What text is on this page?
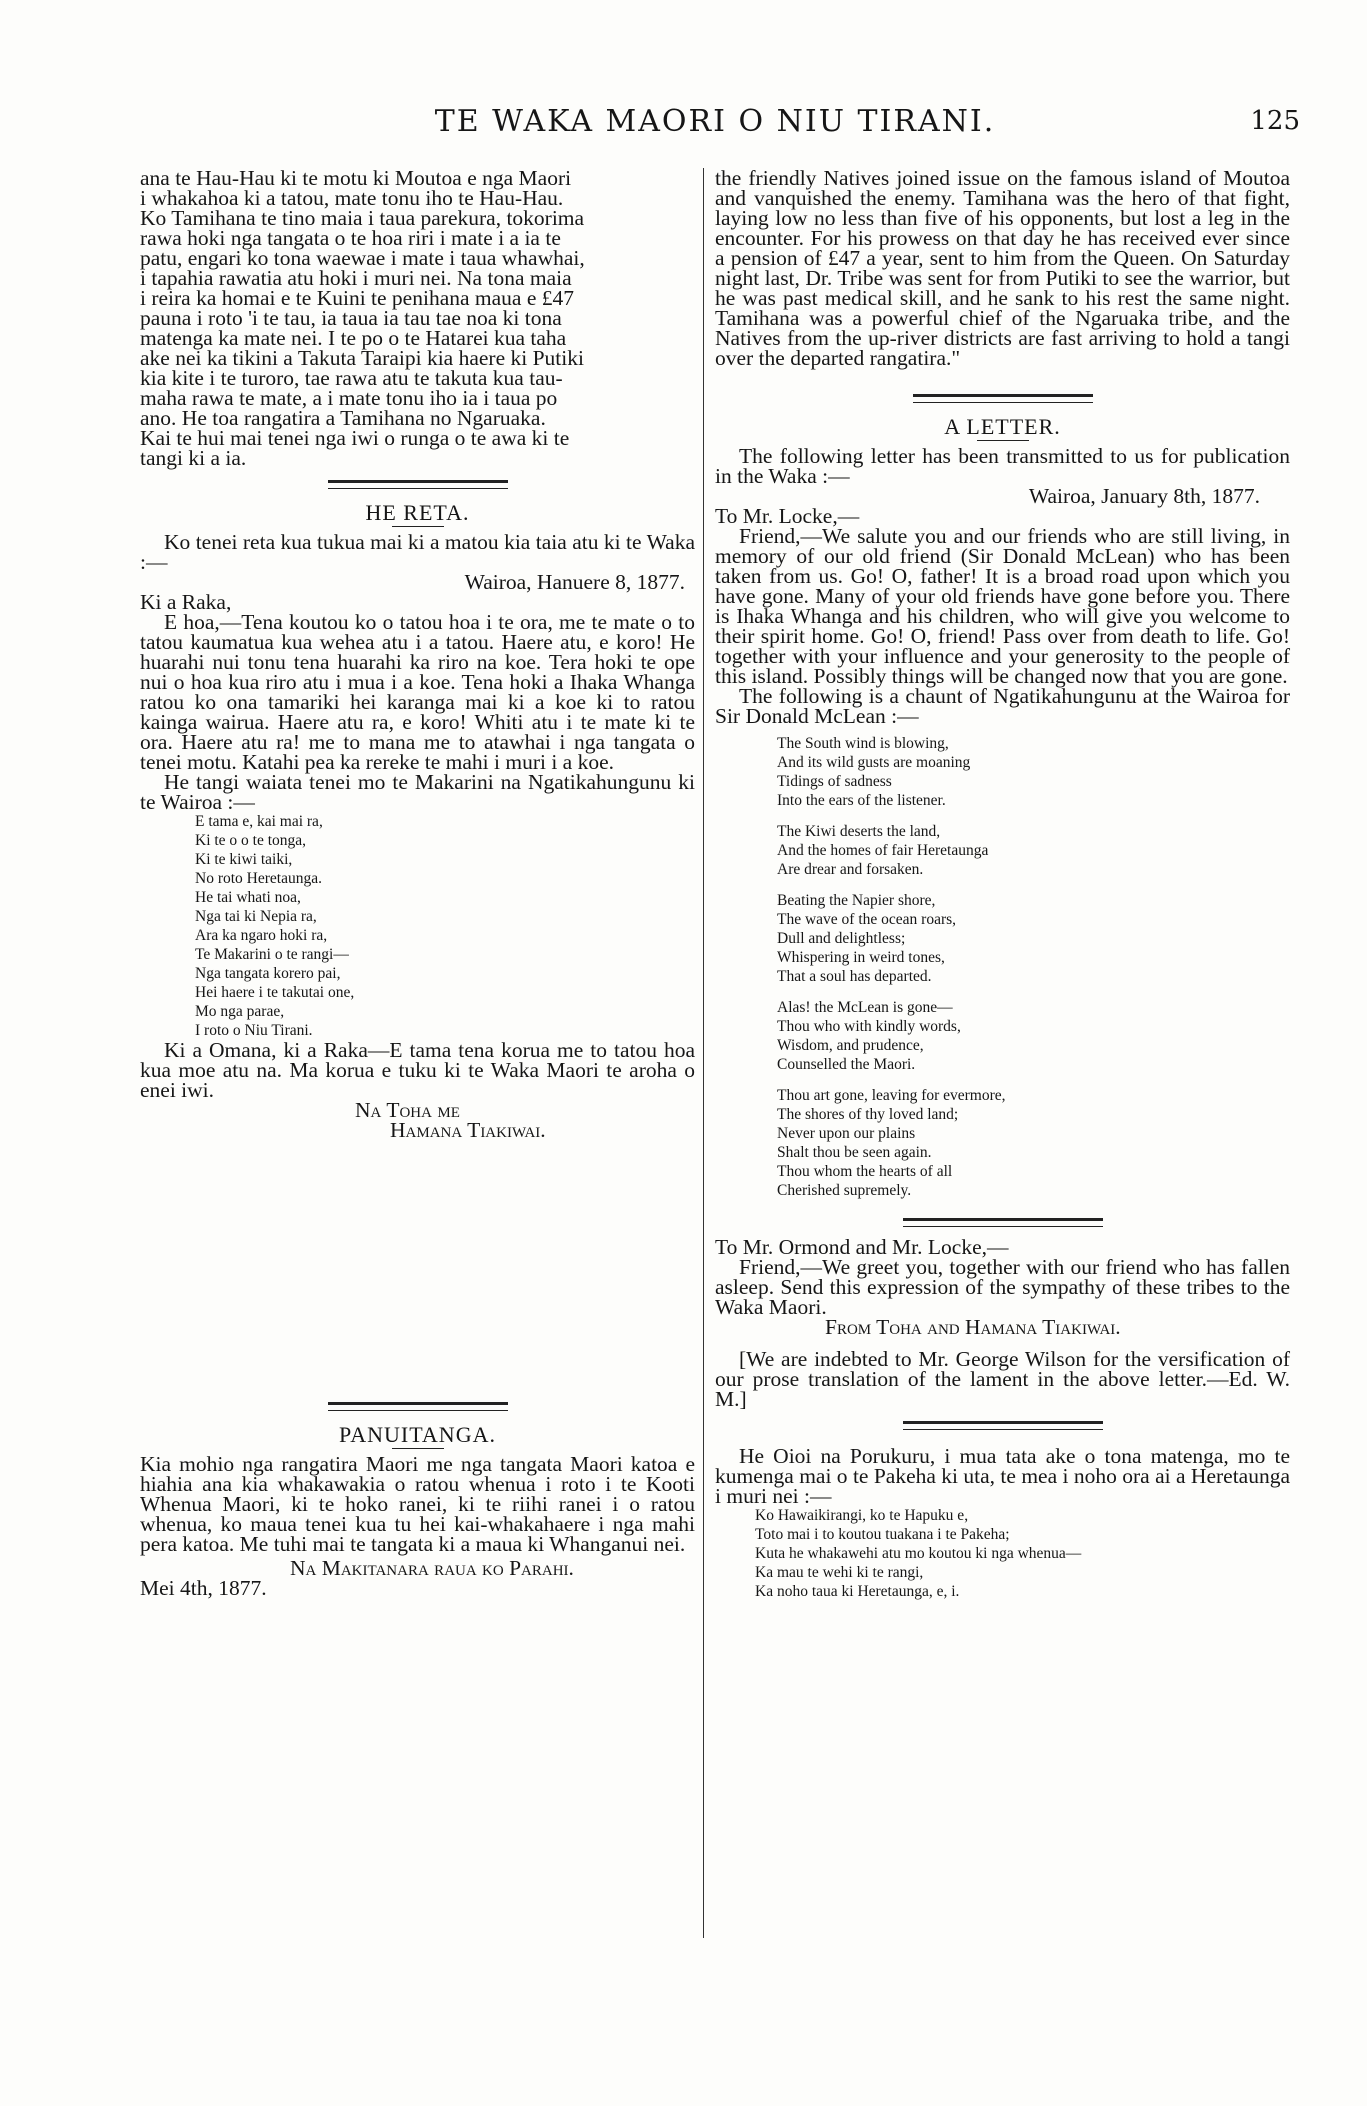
TE WAKA MAORI O NIU TIRANI.	125
ana te Hau-Hau ki te motu ki Moutoa e nga Maori
i whakahoa ki a tatou, mate tonu iho te Hau-Hau.
Ko Tamihana te tino maia i taua parekura, tokorima
rawa hoki nga tangata o te hoa riri i mate i a ia te
patu, engari ko tona waewae i mate i taua whawhai,
i tapahia rawatia atu hoki i muri nei. Na tona maia
i reira ka homai e te Kuini te penihana maua e £47
pauna i roto 'i te tau, ia taua ia tau tae noa ki tona
matenga ka mate nei. I te po o te Hatarei kua taha
ake nei ka tikini a Takuta Taraipi kia haere ki Putiki
kia kite i te turoro, tae rawa atu te takuta kua tau-
maha rawa te mate, a i mate tonu iho ia i taua po
ano. He toa rangatira a Tamihana no Ngaruaka.
Kai te hui mai tenei nga iwi o runga o te awa ki te
tangi ki a ia.
HE RETA.

Ko tenei reta kua tukua mai ki a matou kia taia atu ki te Waka :—

Wairoa, Hanuere 8, 1877.

Ki a Raka,

E hoa,—Tena koutou ko o tatou hoa i te ora, me te mate o to tatou kaumatua kua wehea atu i a tatou. Haere atu, e koro! He huarahi nui tonu tena huarahi ka riro na koe. Tera hoki te ope nui o hoa kua riro atu i mua i a koe. Tena hoki a Ihaka Whanga ratou ko ona tamariki hei karanga mai ki a koe ki to ratou kainga wairua. Haere atu ra, e koro! Whiti atu i te mate ki te ora. Haere atu ra! me to mana me to atawhai i nga tangata o tenei motu. Katahi pea ka rereke te mahi i muri i a koe.

He tangi waiata tenei mo te Makarini na Ngatikahungunu ki te Wairoa :—

E tama e, kai mai ra,
Ki te o o te tonga,
Ki te kiwi taiki,
No roto Heretaunga.
He tai whati noa,
Nga tai ki Nepia ra,
Ara ka ngaro hoki ra,
Te Makarini o te rangi—
Nga tangata korero pai,
Hei haere i te takutai one,
Mo nga parae,
I roto o Niu Tirani.

Ki a Omana, ki a Raka—E tama tena korua me to tatou hoa kua moe atu na. Ma korua e tuku ki te Waka Maori te aroha o enei iwi.

Na Toha me

Hamana Tiakiwai.

PANUITANGA.

Kia mohio nga rangatira Maori me nga tangata Maori katoa e hiahia ana kia whakawakia o ratou whenua i roto i te Kooti Whenua Maori, ki te hoko ranei, ki te riihi ranei i o ratou whenua, ko maua tenei kua tu hei kai-whakahaere i nga mahi pera katoa. Me tuhi mai te tangata ki a maua ki Whanganui nei.

Na Makitanara raua ko Parahi.

Mei 4th, 1877.

the friendly Natives joined issue on the famous island of Moutoa and vanquished the enemy. Tamihana was the hero of that fight, laying low no less than five of his opponents, but lost a leg in the encounter. For his prowess on that day he has received ever since a pension of £47 a year, sent to him from the Queen. On Saturday night last, Dr. Tribe was sent for from Putiki to see the warrior, but he was past medical skill, and he sank to his rest the same night. Tamihana was a powerful chief of the Ngaruaka tribe, and the Natives from the up-river districts are fast arriving to hold a tangi over the departed rangatira."

A LETTER.

The following letter has been transmitted to us for publication in the Waka :—

Wairoa, January 8th, 1877.

To Mr. Locke,—

Friend,—We salute you and our friends who are still living, in memory of our old friend (Sir Donald McLean) who has been taken from us. Go! O, father! It is a broad road upon which you have gone. Many of your old friends have gone before you. There is Ihaka Whanga and his children, who will give you welcome to their spirit home. Go! O, friend! Pass over from death to life. Go! together with your influence and your generosity to the people of this island. Possibly things will be changed now that you are gone.

The following is a chaunt of Ngatikahungunu at the Wairoa for Sir Donald McLean :—

The South wind is blowing,
And its wild gusts are moaning
Tidings of sadness
Into the ears of the listener.
The Kiwi deserts the land,
And the homes of fair Heretaunga
Are drear and forsaken.
Beating the Napier shore,
The wave of the ocean roars,
Dull and delightless;
Whispering in weird tones,
That a soul has departed.
Alas! the McLean is gone—
Thou who with kindly words,
Wisdom, and prudence,
Counselled the Maori.
Thou art gone, leaving for evermore,
The shores of thy loved land;
Never upon our plains
Shalt thou be seen again.
Thou whom the hearts of all
Cherished supremely.

To Mr. Ormond and Mr. Locke,—

Friend,—We greet you, together with our friend who has fallen asleep. Send this expression of the sympathy of these tribes to the Waka Maori.

From Toha and Hamana Tiakiwai.

[We are indebted to Mr. George Wilson for the versification of our prose translation of the lament in the above letter.—Ed. W. M.]

He Oioi na Porukuru, i mua tata ake o tona matenga, mo te kumenga mai o te Pakeha ki uta, te mea i noho ora ai a Heretaunga i muri nei :—

Ko Hawaikirangi, ko te Hapuku e,
Toto mai i to koutou tuakana i te Pakeha;
Kuta he whakawehi atu mo koutou ki nga whenua—
Ka mau te wehi ki te rangi,
Ka noho taua ki Heretaunga, e, i.
